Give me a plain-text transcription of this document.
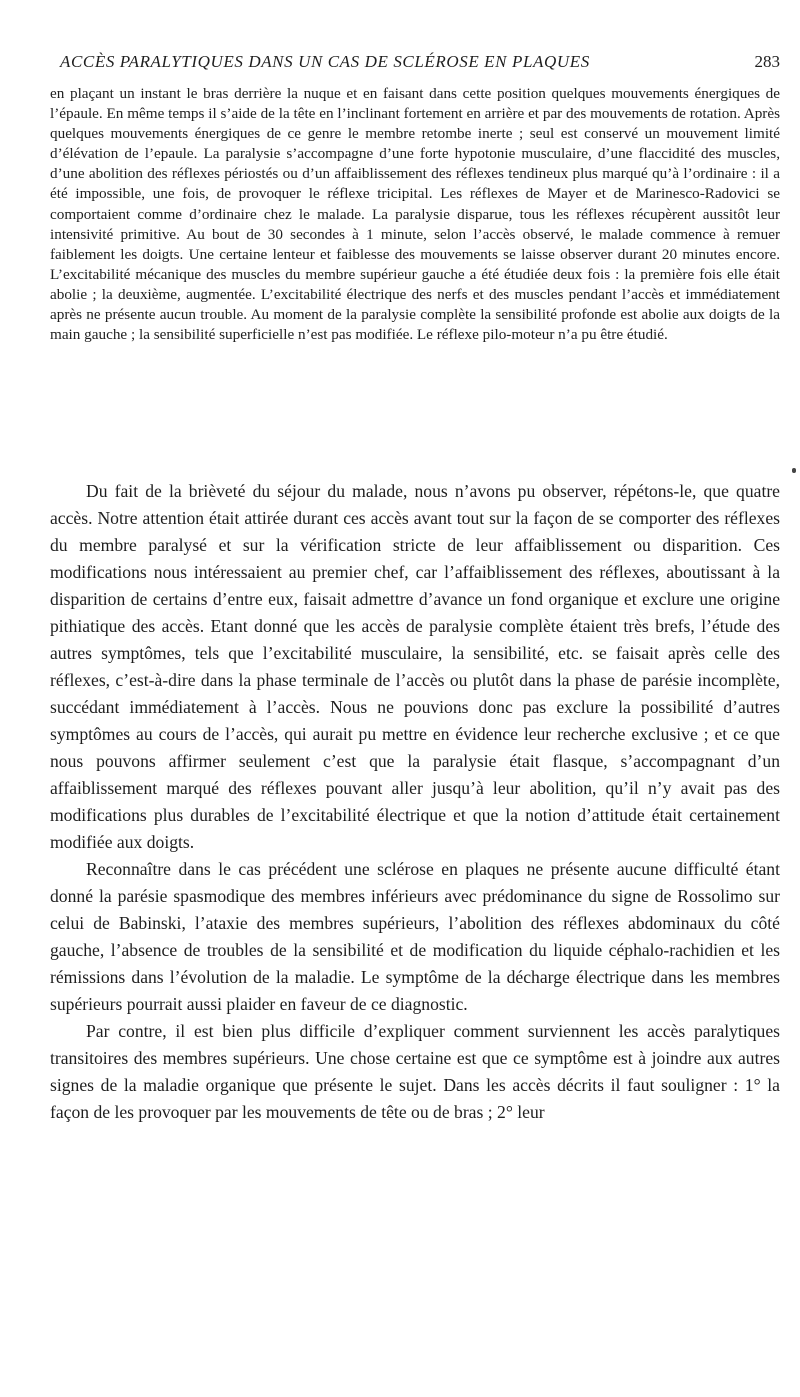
ACCÈS PARALYTIQUES DANS UN CAS DE SCLÉROSE EN PLAQUES	283

en plaçant un instant le bras derrière la nuque et en faisant dans cette position quelques mouvements énergiques de l’épaule. En même temps il s’aide de la tête en l’inclinant fortement en arrière et par des mouvements de rotation. Après quelques mouvements énergiques de ce genre le membre retombe inerte ; seul est conservé un mouvement limité d’élévation de l’epaule. La paralysie s’accompagne d’une forte hypotonie musculaire, d’une flaccidité des muscles, d’une abolition des réflexes périostés ou d’un affaiblissement des réflexes tendineux plus marqué qu’à l’ordinaire : il a été impossible, une fois, de provoquer le réflexe tricipital. Les réflexes de Mayer et de Marinesco-Radovici se comportaient comme d’ordinaire chez le malade. La paralysie disparue, tous les réflexes récupèrent aussitôt leur intensivité primitive. Au bout de 30 secondes à 1 minute, selon l’accès observé, le malade commence à remuer faiblement les doigts. Une certaine lenteur et faiblesse des mouvements se laisse observer durant 20 minutes encore. L’excitabilité mécanique des muscles du membre supérieur gauche a été étudiée deux fois : la première fois elle était abolie ; la deuxième, augmentée. L’excitabilité électrique des nerfs et des muscles pendant l’accès et immédiatement après ne présente aucun trouble. Au moment de la paralysie complète la sensibilité profonde est abolie aux doigts de la main gauche ; la sensibilité superficielle n’est pas modifiée. Le réflexe pilo-moteur n’a pu être étudié.

Du fait de la brièveté du séjour du malade, nous n’avons pu observer, répétons-le, que quatre accès. Notre attention était attirée durant ces accès avant tout sur la façon de se comporter des réflexes du membre paralysé et sur la vérification stricte de leur affaiblissement ou disparition. Ces modifications nous intéressaient au premier chef, car l’affaiblissement des réflexes, aboutissant à la disparition de certains d’entre eux, faisait admettre d’avance un fond organique et exclure une origine pithiatique des accès. Etant donné que les accès de paralysie complète étaient très brefs, l’étude des autres symptômes, tels que l’excitabilité musculaire, la sensibilité, etc. se faisait après celle des réflexes, c’est-à-dire dans la phase terminale de l’accès ou plutôt dans la phase de parésie incomplète, succédant immédiatement à l’accès. Nous ne pouvions donc pas exclure la possibilité d’autres symptômes au cours de l’accès, qui aurait pu mettre en évidence leur recherche exclusive ; et ce que nous pouvons affirmer seulement c’est que la paralysie était flasque, s’accompagnant d’un affaiblissement marqué des réflexes pouvant aller jusqu’à leur abolition, qu’il n’y avait pas des modifications plus durables de l’excitabilité électrique et que la notion d’attitude était certainement modifiée aux doigts.

Reconnaître dans le cas précédent une sclérose en plaques ne présente aucune difficulté étant donné la parésie spasmodique des membres inférieurs avec prédominance du signe de Rossolimo sur celui de Babinski, l’ataxie des membres supérieurs, l’abolition des réflexes abdominaux du côté gauche, l’absence de troubles de la sensibilité et de modification du liquide céphalo-rachidien et les rémissions dans l’évolution de la maladie. Le symptôme de la décharge électrique dans les membres supérieurs pourrait aussi plaider en faveur de ce diagnostic.

Par contre, il est bien plus difficile d’expliquer comment surviennent les accès paralytiques transitoires des membres supérieurs. Une chose certaine est que ce symptôme est à joindre aux autres signes de la maladie organique que présente le sujet. Dans les accès décrits il faut souligner : 1° la façon de les provoquer par les mouvements de tête ou de bras ; 2° leur
